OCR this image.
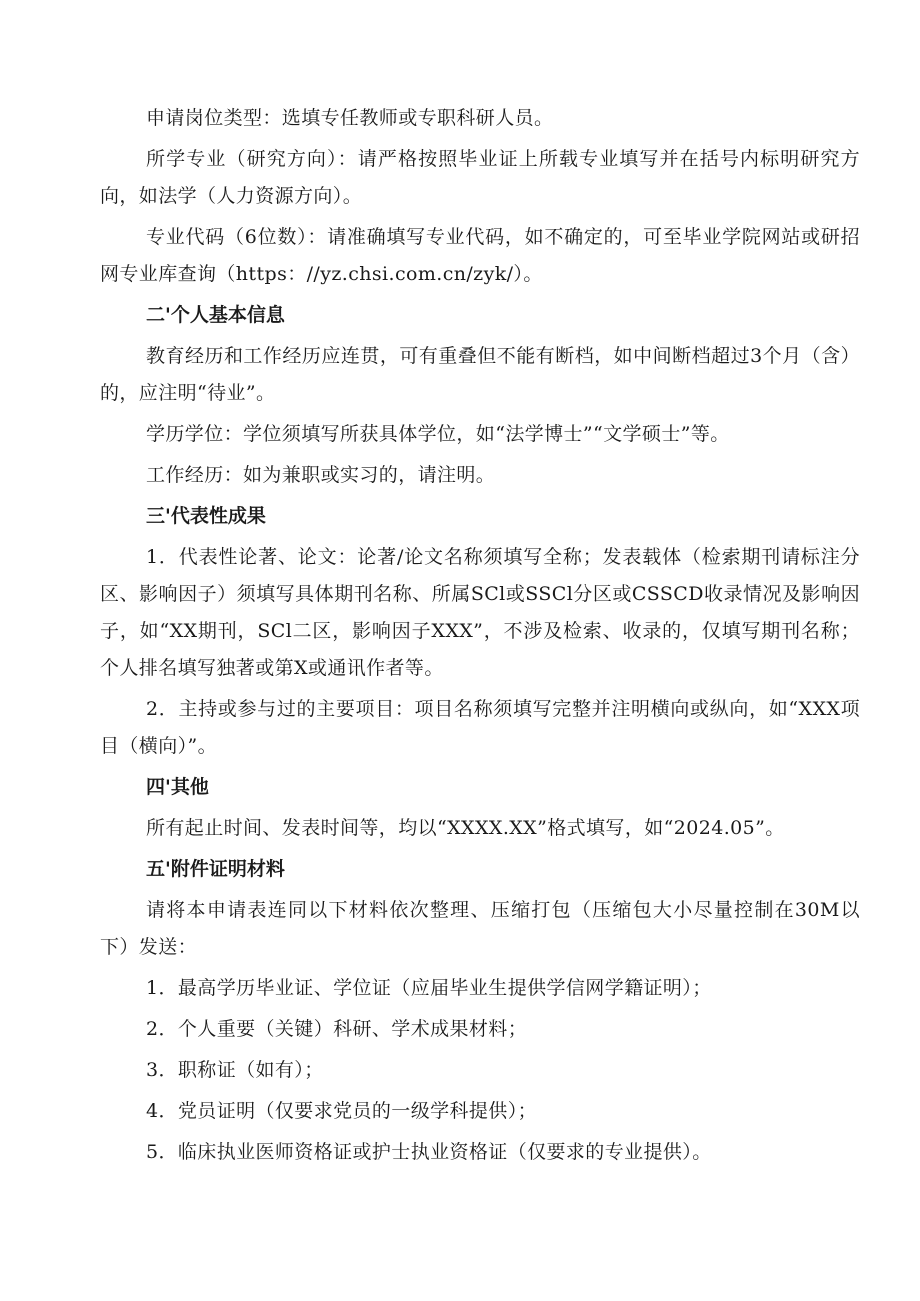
申请岗位类型：选填专任教师或专职科研人员。

所学专业（研究方向）：请严格按照毕业证上所载专业填写并在括号内标明研究方向，如法学（人力资源方向）。

专业代码（6位数）：请准确填写专业代码，如不确定的，可至毕业学院网站或研招网专业库查询（https：//yz.chsi.com.cn/zyk/）。

二'个人基本信息

教育经历和工作经历应连贯，可有重叠但不能有断档，如中间断档超过3个月（含）的，应注明“待业”。

学历学位：学位须填写所获具体学位，如“法学博士”“文学硕士”等。

工作经历：如为兼职或实习的，请注明。

三'代表性成果

1．代表性论著、论文：论著/论文名称须填写全称；发表载体（检索期刊请标注分区、影响因子）须填写具体期刊名称、所属SCl或SSCl分区或CSSCD收录情况及影响因子，如“XX期刊，SCl二区，影响因子XXX”，不涉及检索、收录的，仅填写期刊名称；个人排名填写独著或第X或通讯作者等。

2．主持或参与过的主要项目：项目名称须填写完整并注明横向或纵向，如“XXX项目（横向）”。

四'其他

所有起止时间、发表时间等，均以“XXXX.XX”格式填写，如“2024.05”。

五'附件证明材料

请将本申请表连同以下材料依次整理、压缩打包（压缩包大小尽量控制在30M以下）发送：

1．最高学历毕业证、学位证（应届毕业生提供学信网学籍证明）；

2．个人重要（关键）科研、学术成果材料；

3．职称证（如有）；

4．党员证明（仅要求党员的一级学科提供）；

5．临床执业医师资格证或护士执业资格证（仅要求的专业提供）。
